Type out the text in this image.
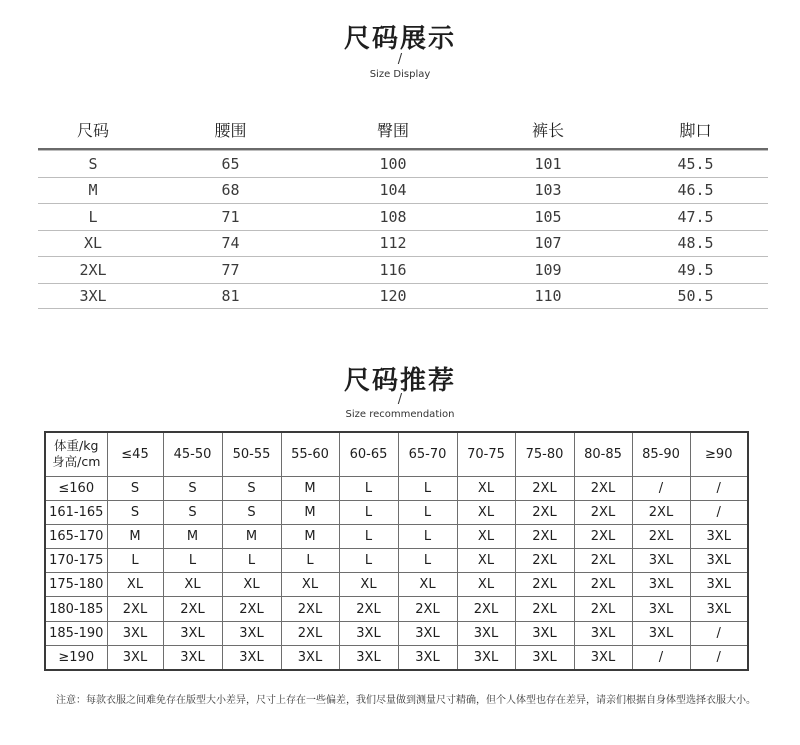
尺码展示
/
Size Display
尺码	腰围	臀围	裤长	脚口
S	65	100	101	45.5
M	68	104	103	46.5
L	71	108	105	47.5
XL	74	112	107	48.5
2XL	77	116	109	49.5
3XL	81	120	110	50.5
尺码推荐
/
Size recommendation
体重/kg
身高/cm	≤45	45-50	50-55	55-60	60-65	65-70	70-75	75-80	80-85	85-90	≥90
≤160	S	S	S	M	L	L	XL	2XL	2XL	/	/
161-165	S	S	S	M	L	L	XL	2XL	2XL	2XL	/
165-170	M	M	M	M	L	L	XL	2XL	2XL	2XL	3XL
170-175	L	L	L	L	L	L	XL	2XL	2XL	3XL	3XL
175-180	XL	XL	XL	XL	XL	XL	XL	2XL	2XL	3XL	3XL
180-185	2XL	2XL	2XL	2XL	2XL	2XL	2XL	2XL	2XL	3XL	3XL
185-190	3XL	3XL	3XL	2XL	3XL	3XL	3XL	3XL	3XL	3XL	/
≥190	3XL	3XL	3XL	3XL	3XL	3XL	3XL	3XL	3XL	/	/
注意：每款衣服之间难免存在版型大小差异，尺寸上存在一些偏差，我们尽量做到测量尺寸精确，但个人体型也存在差异，请亲们根据自身体型选择衣服大小。
